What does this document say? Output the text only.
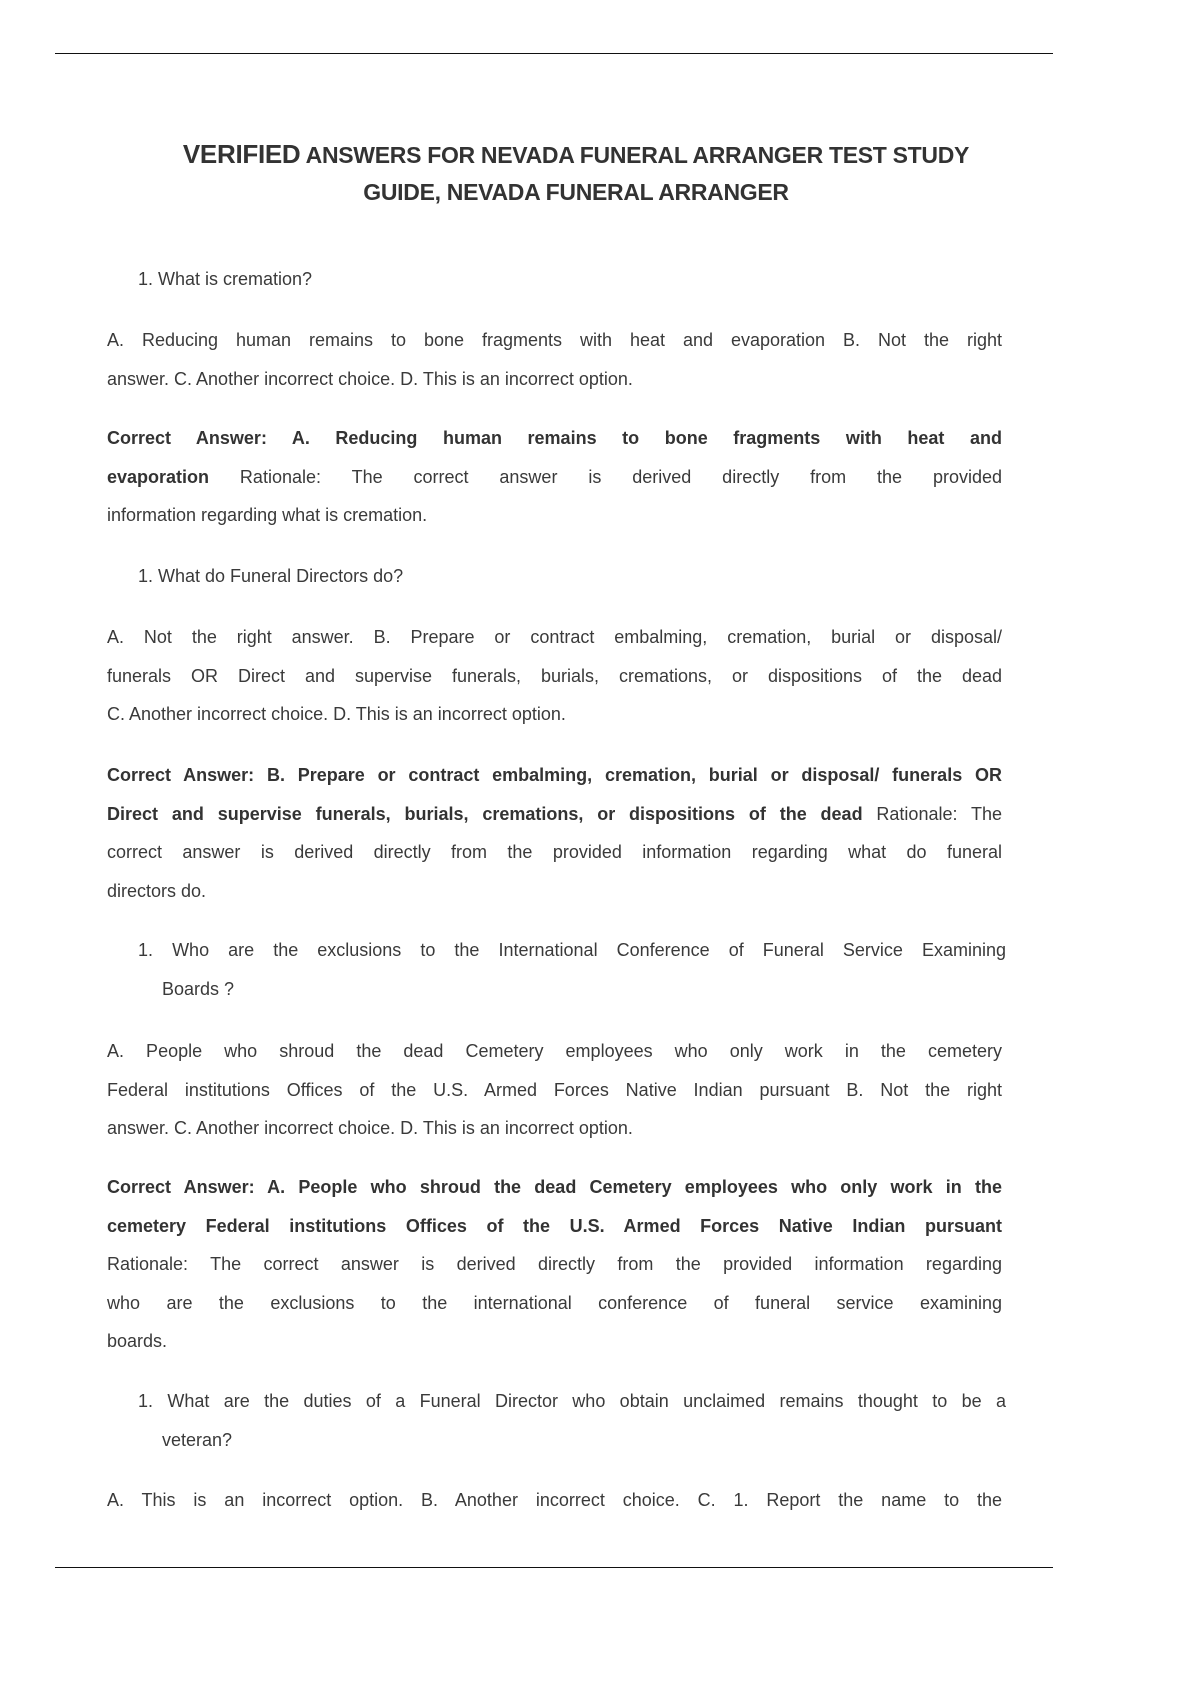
VERIFIED ANSWERS FOR NEVADA FUNERAL ARRANGER TEST STUDY
GUIDE, NEVADA FUNERAL ARRANGER
1. What is cremation?
A. Reducing human remains to bone fragments with heat and evaporation B. Not the right
answer. C. Another incorrect choice. D. This is an incorrect option.
Correct Answer: A. Reducing human remains to bone fragments with heat and
evaporation Rationale: The correct answer is derived directly from the provided
information regarding what is cremation.
1. What do Funeral Directors do?
A. Not the right answer. B. Prepare or contract embalming, cremation, burial or disposal/
funerals OR Direct and supervise funerals, burials, cremations, or dispositions of the dead
C. Another incorrect choice. D. This is an incorrect option.
Correct Answer: B. Prepare or contract embalming, cremation, burial or disposal/ funerals OR
Direct and supervise funerals, burials, cremations, or dispositions of the dead Rationale: The
correct answer is derived directly from the provided information regarding what do funeral
directors do.
1. Who are the exclusions to the International Conference of Funeral Service Examining
Boards ?
A. People who shroud the dead Cemetery employees who only work in the cemetery
Federal institutions Offices of the U.S. Armed Forces Native Indian pursuant B. Not the right
answer. C. Another incorrect choice. D. This is an incorrect option.
Correct Answer: A. People who shroud the dead Cemetery employees who only work in the
cemetery Federal institutions Offices of the U.S. Armed Forces Native Indian pursuant
Rationale: The correct answer is derived directly from the provided information regarding
who are the exclusions to the international conference of funeral service examining
boards.
1. What are the duties of a Funeral Director who obtain unclaimed remains thought to be a
veteran?
A. This is an incorrect option. B. Another incorrect choice. C. 1. Report the name to the
